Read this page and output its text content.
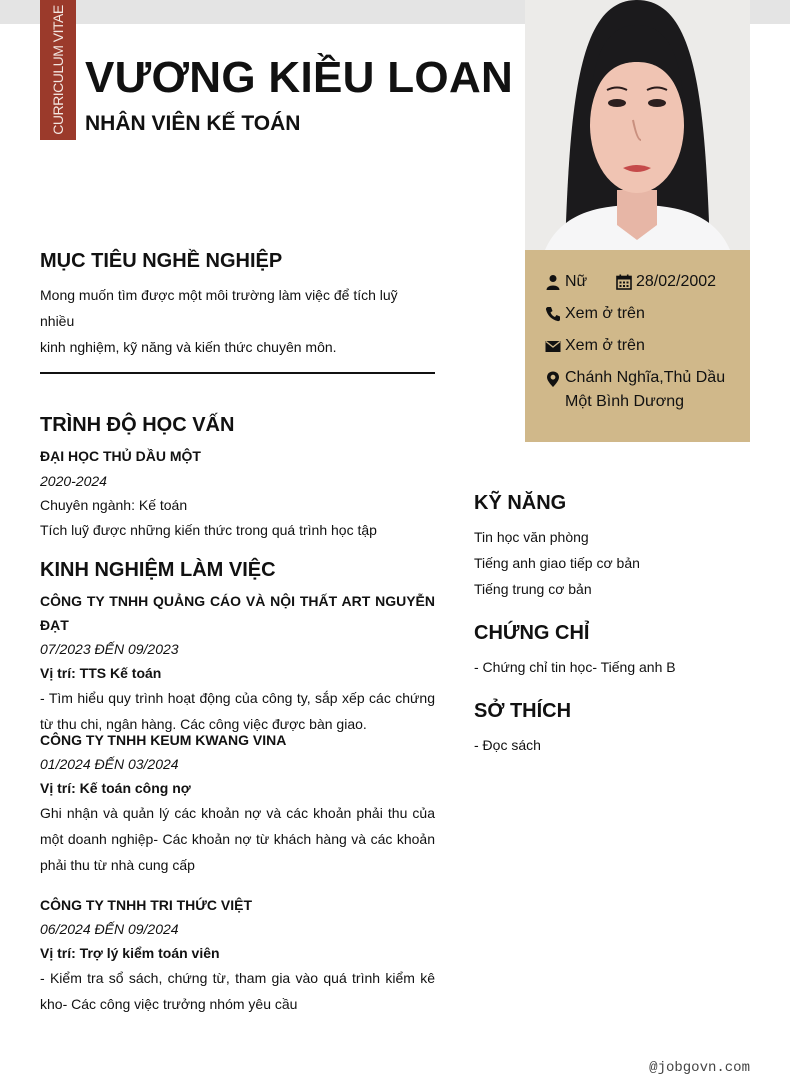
CURRICULUM VITAE VƯƠNG KIỀU LOAN
NHÂN VIÊN KẾ TOÁN
Nữ	28/02/2002
Xem ở trên
Xem ở trên
Chánh Nghĩa,Thủ Dầu
Một Bình Dương
MỤC TIÊU NGHỀ NGHIỆP
Mong muốn tìm được một môi trường làm việc để tích luỹ nhiều
kinh nghiệm, kỹ năng và kiến thức chuyên môn.
TRÌNH ĐỘ HỌC VẤN
ĐẠI HỌC THỦ DẦU MỘT
2020-2024
Chuyên ngành: Kế toán
Tích luỹ được những kiến thức trong quá trình học tập
KINH NGHIỆM LÀM VIỆC
CÔNG TY TNHH QUẢNG CÁO VÀ NỘI THẤT ART NGUYỄN ĐẠT
07/2023 ĐẾN 09/2023
Vị trí: TTS Kế toán
- Tìm hiểu quy trình hoạt động của công ty, sắp xếp các chứng
từ thu chi, ngân hàng. Các công việc được bàn giao.
CÔNG TY TNHH KEUM KWANG VINA
01/2024 ĐẾN 03/2024
Vị trí: Kế toán công nợ
Ghi nhận và quản lý các khoản nợ và các khoản phải thu của
một doanh nghiệp- Các khoản nợ từ khách hàng và các khoản
phải thu từ nhà cung cấp
CÔNG TY TNHH TRI THỨC VIỆT
06/2024 ĐẾN 09/2024
Vị trí: Trợ lý kiểm toán viên
- Kiểm tra sổ sách, chứng từ, tham gia vào quá trình kiểm kê
kho- Các công việc trưởng nhóm yêu cầu
KỸ NĂNG
Tin học văn phòng
Tiếng anh giao tiếp cơ bản
Tiếng trung cơ bản
CHỨNG CHỈ
- Chứng chỉ tin học- Tiếng anh B
SỞ THÍCH
- Đọc sách
@jobgovn.com
